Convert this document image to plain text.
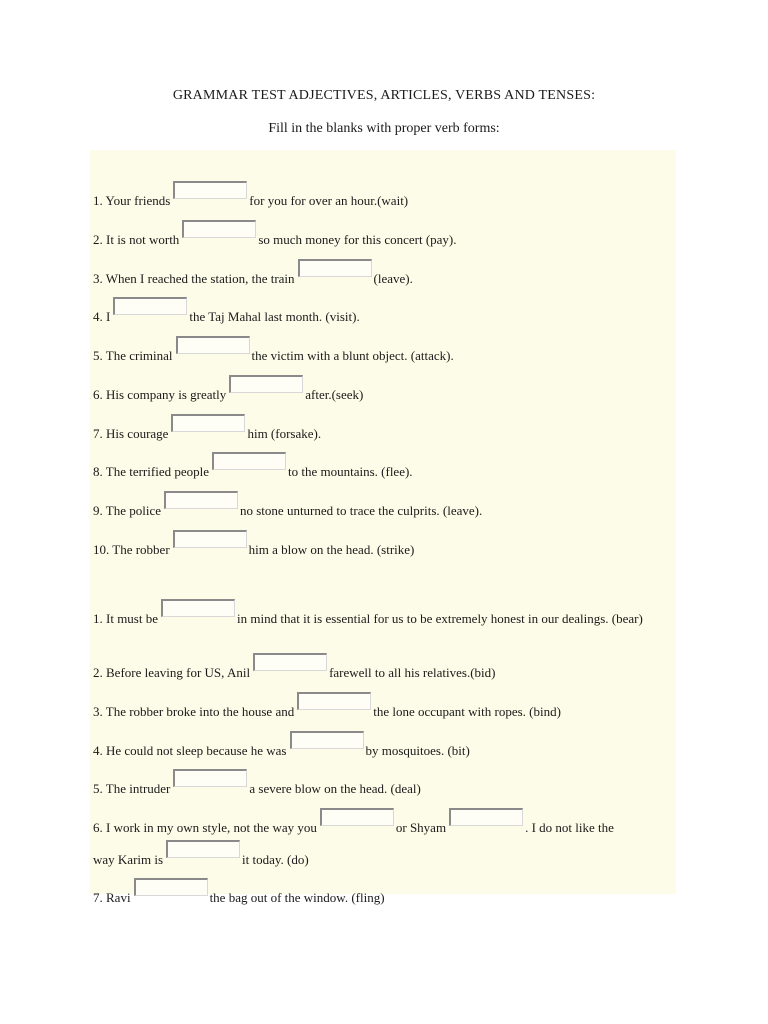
GRAMMAR TEST ADJECTIVES, ARTICLES, VERBS AND TENSES:
Fill in the blanks with proper verb forms:
1. Your friends	for you for over an hour.(wait)
2. It is not worth	so much money for this concert (pay).
3. When I reached the station, the train	(leave).
4. I	the Taj Mahal last month. (visit).
5. The criminal	the victim with a blunt object. (attack).
6. His company is greatly	after.(seek)
7. His courage	him (forsake).
8. The terrified people	to the mountains. (flee).
9. The police	no stone unturned to trace the culprits. (leave).
10. The robber	him a blow on the head. (strike)
1. It must be	in mind that it is essential for us to be extremely honest in our dealings. (bear)
2. Before leaving for US, Anil	farewell to all his relatives.(bid)
3. The robber broke into the house and	the lone occupant with ropes. (bind)
4. He could not sleep because he was	by mosquitoes. (bit)
5. The intruder	a severe blow on the head. (deal)
6. I work in my own style, not the way you	or Shyam	. I do not like the
way Karim is	it today. (do)
7. Ravi	the bag out of the window. (fling)
